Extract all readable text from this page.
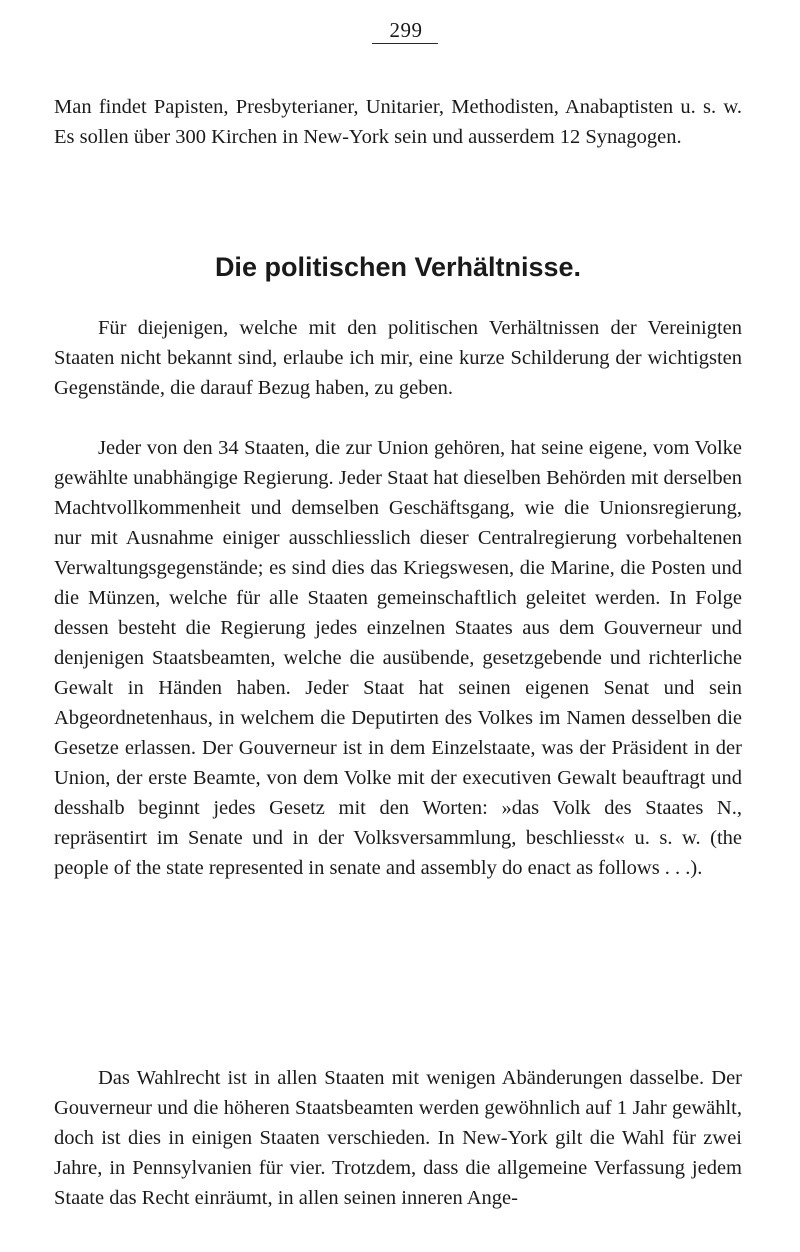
299

Man findet Papisten, Presbyterianer, Unitarier, Methodisten, Anabaptisten u. s. w. Es sollen über 300 Kirchen in New-York sein und ausserdem 12 Synagogen.

Die politischen Verhältnisse.

Für diejenigen, welche mit den politischen Verhältnissen der Vereinigten Staaten nicht bekannt sind, erlaube ich mir, eine kurze Schilderung der wichtigsten Gegenstände, die darauf Bezug haben, zu geben.

Jeder von den 34 Staaten, die zur Union gehören, hat seine eigene, vom Volke gewählte unabhängige Regierung. Jeder Staat hat dieselben Behörden mit derselben Machtvollkommenheit und demselben Geschäftsgang, wie die Unionsregierung, nur mit Ausnahme einiger ausschliesslich dieser Centralregierung vorbehaltenen Verwaltungsgegenstände; es sind dies das Kriegswesen, die Marine, die Posten und die Münzen, welche für alle Staaten gemeinschaftlich geleitet werden. In Folge dessen besteht die Regierung jedes einzelnen Staates aus dem Gouverneur und denjenigen Staatsbeamten, welche die ausübende, gesetzgebende und richterliche Gewalt in Händen haben. Jeder Staat hat seinen eigenen Senat und sein Abgeordnetenhaus, in welchem die Deputirten des Volkes im Namen desselben die Gesetze erlassen. Der Gouverneur ist in dem Einzelstaate, was der Präsident in der Union, der erste Beamte, von dem Volke mit der executiven Gewalt beauftragt und desshalb beginnt jedes Gesetz mit den Worten: »das Volk des Staates N., repräsentirt im Senate und in der Volksversammlung, beschliesst« u. s. w. (the people of the state represented in senate and assembly do enact as follows . . .).

Das Wahlrecht ist in allen Staaten mit wenigen Abänderungen dasselbe. Der Gouverneur und die höheren Staatsbeamten werden gewöhnlich auf 1 Jahr gewählt, doch ist dies in einigen Staaten verschieden. In New-York gilt die Wahl für zwei Jahre, in Pennsylvanien für vier. Trotzdem, dass die allgemeine Verfassung jedem Staate das Recht einräumt, in allen seinen inneren Ange-
